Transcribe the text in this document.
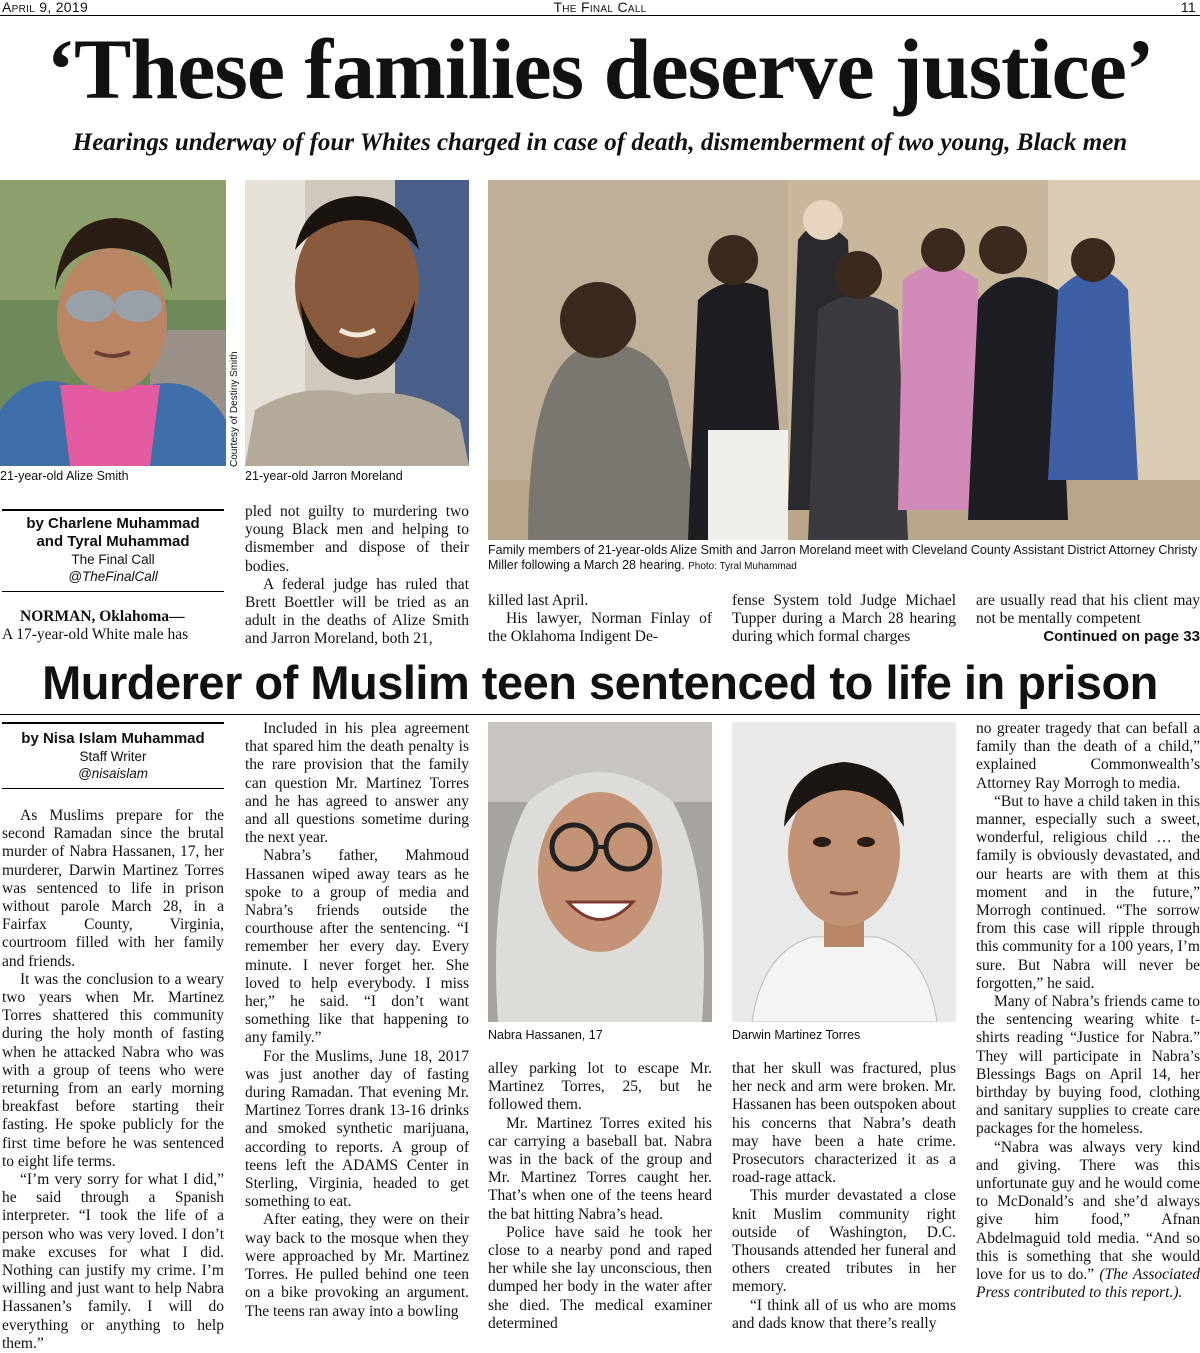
April 9, 2019	The Final Call	11
‘These families deserve justice’
Hearings underway of four Whites charged in case of death, dismemberment of two young, Black men
21-year-old Alize Smith
Courtesy of Destiny Smith
21-year-old Jarron Moreland
Family members of 21-year-olds Alize Smith and Jarron Moreland meet with Cleveland County Assistant District Attorney Christy Miller following a March 28 hearing. Photo: Tyral Muhammad
by Charlene Muhammad
and Tyral Muhammad
The Final Call
@TheFinalCall

NORMAN, Oklahoma—

A 17-year-old White male has

pled not guilty to murdering two young Black men and helping to dismember and dispose of their bodies.

A federal judge has ruled that Brett Boettler will be tried as an adult in the deaths of Alize Smith and Jarron Moreland, both 21,

killed last April.

His lawyer, Norman Finlay of the Oklahoma Indigent De-

fense System told Judge Michael Tupper during a March 28 hearing during which formal charges

are usually read that his client may not be mentally competent

Continued on page 33
Murderer of Muslim teen sentenced to life in prison
by Nisa Islam Muhammad
Staff Writer
@nisaislam

As Muslims prepare for the second Ramadan since the brutal murder of Nabra Hassanen, 17, her murderer, Darwin Martinez Torres was sentenced to life in prison without parole March 28, in a Fairfax County, Virginia, courtroom filled with her family and friends.

It was the conclusion to a weary two years when Mr. Martinez Torres shattered this community during the holy month of fasting when he attacked Nabra who was with a group of teens who were returning from an early morning breakfast before starting their fasting. He spoke publicly for the first time before he was sentenced to eight life terms.

“I’m very sorry for what I did,” he said through a Spanish interpreter. “I took the life of a person who was very loved. I don’t make excuses for what I did. Nothing can justify my crime. I’m willing and just want to help Nabra Hassanen’s family. I will do everything or anything to help them.”

Included in his plea agreement that spared him the death penalty is the rare provision that the family can question Mr. Martinez Torres and he has agreed to answer any and all questions sometime during the next year.

Nabra’s father, Mahmoud Hassanen wiped away tears as he spoke to a group of media and Nabra’s friends outside the courthouse after the sentencing. “I remember her every day. Every minute. I never forget her. She loved to help everybody. I miss her,” he said. “I don’t want something like that happening to any family.”

For the Muslims, June 18, 2017 was just another day of fasting during Ramadan. That evening Mr. Martinez Torres drank 13-16 drinks and smoked synthetic marijuana, according to reports. A group of teens left the ADAMS Center in Sterling, Virginia, headed to get something to eat.

After eating, they were on their way back to the mosque when they were approached by Mr. Martinez Torres. He pulled behind one teen on a bike provoking an argument. The teens ran away into a bowling

Nabra Hassanen, 17	Darwin Martinez Torres

alley parking lot to escape Mr. Martinez Torres, 25, but he followed them.

Mr. Martinez Torres exited his car carrying a baseball bat. Nabra was in the back of the group and Mr. Martinez Torres caught her. That’s when one of the teens heard the bat hitting Nabra’s head.

Police have said he took her close to a nearby pond and raped her while she lay unconscious, then dumped her body in the water after she died. The medical examiner determined

that her skull was fractured, plus her neck and arm were broken. Mr. Hassanen has been outspoken about his concerns that Nabra’s death may have been a hate crime. Prosecutors characterized it as a road-rage attack.

This murder devastated a close knit Muslim community right outside of Washington, D.C. Thousands attended her funeral and others created tributes in her memory.

“I think all of us who are moms and dads know that there’s really

no greater tragedy that can befall a family than the death of a child,” explained Commonwealth’s Attorney Ray Morrogh to media.

“But to have a child taken in this manner, especially such a sweet, wonderful, religious child … the family is obviously devastated, and our hearts are with them at this moment and in the future,” Morrogh continued. “The sorrow from this case will ripple through this community for a 100 years, I’m sure. But Nabra will never be forgotten,” he said.

Many of Nabra’s friends came to the sentencing wearing white t-shirts reading “Justice for Nabra.” They will participate in Nabra’s Blessings Bags on April 14, her birthday by buying food, clothing and sanitary supplies to create care packages for the homeless.

“Nabra was always very kind and giving. There was this unfortunate guy and he would come to McDonald’s and she’d always give him food,” Afnan Abdelmaguid told media. “And so this is something that she would love for us to do.” (The Associated Press contributed to this report.).
